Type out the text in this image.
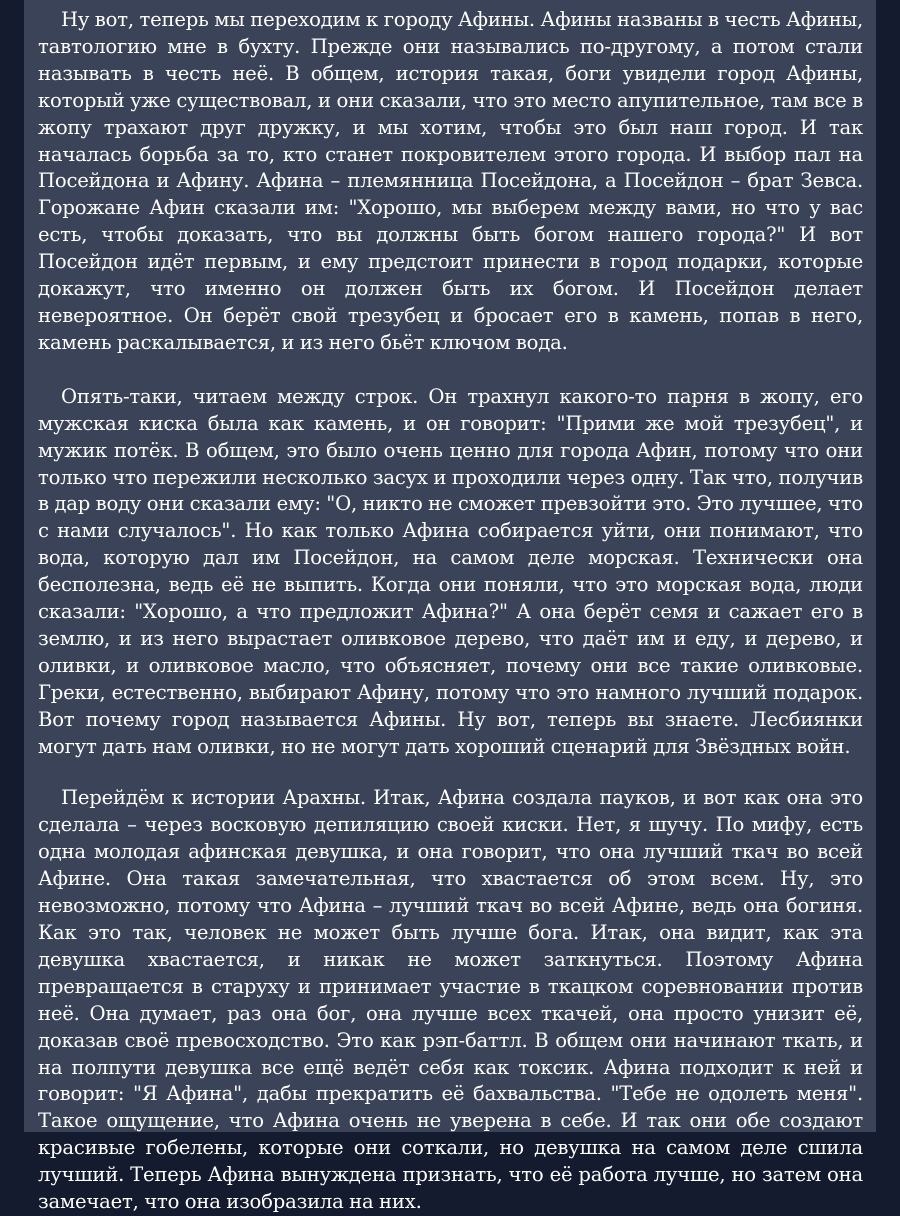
Ну вот, теперь мы переходим к городу Афины. Афины названы в честь Афины, тавтологию мне в бухту. Прежде они назывались по-другому, а потом стали называть в честь неё. В общем, история такая, боги увидели город Афины, который уже существовал, и они сказали, что это место апупительное, там все в жопу трахают друг дружку, и мы хотим, чтобы это был наш город. И так началась борьба за то, кто станет покровителем этого города. И выбор пал на Посейдона и Афину. Афина – племянница Посейдона, а Посейдон – брат Зевса. Горожане Афин сказали им: "Хорошо, мы выберем между вами, но что у вас есть, чтобы доказать, что вы должны быть богом нашего города?" И вот Посейдон идёт первым, и ему предстоит принести в город подарки, которые докажут, что именно он должен быть их богом. И Посейдон делает невероятное. Он берёт свой трезубец и бросает его в камень, попав в него, камень раскалывается, и из него бьёт ключом вода.

Опять-таки, читаем между строк. Он трахнул какого-то парня в жопу, его мужская киска была как камень, и он говорит: "Прими же мой трезубец", и мужик потёк. В общем, это было очень ценно для города Афин, потому что они только что пережили несколько засух и проходили через одну. Так что, получив в дар воду они сказали ему: "О, никто не сможет превзойти это. Это лучшее, что с нами случалось". Но как только Афина собирается уйти, они понимают, что вода, которую дал им Посейдон, на самом деле морская. Технически она бесполезна, ведь её не выпить. Когда они поняли, что это морская вода, люди сказали: "Хорошо, а что предложит Афина?" А она берёт семя и сажает его в землю, и из него вырастает оливковое дерево, что даёт им и еду, и дерево, и оливки, и оливковое масло, что объясняет, почему они все такие оливковые. Греки, естественно, выбирают Афину, потому что это намного лучший подарок. Вот почему город называется Афины. Ну вот, теперь вы знаете. Лесбиянки могут дать нам оливки, но не могут дать хороший сценарий для Звёздных войн.

Перейдём к истории Арахны. Итак, Афина создала пауков, и вот как она это сделала – через восковую депиляцию своей киски. Нет, я шучу. По мифу, есть одна молодая афинская девушка, и она говорит, что она лучший ткач во всей Афине. Она такая замечательная, что хвастается об этом всем. Ну, это невозможно, потому что Афина – лучший ткач во всей Афине, ведь она богиня. Как это так, человек не может быть лучше бога. Итак, она видит, как эта девушка хвастается, и никак не может заткнуться. Поэтому Афина превращается в старуху и принимает участие в ткацком соревновании против неё. Она думает, раз она бог, она лучше всех ткачей, она просто унизит её, доказав своё превосходство. Это как рэп-баттл. В общем они начинают ткать, и на полпути девушка все ещё ведёт себя как токсик. Афина подходит к ней и говорит: "Я Афина", дабы прекратить её бахвальства. "Тебе не одолеть меня". Такое ощущение, что Афина очень не уверена в себе. И так они обе создают красивые гобелены, которые они соткали, но девушка на самом деле сшила лучший. Теперь Афина вынуждена признать, что её работа лучше, но затем она замечает, что она изобразила на них.
